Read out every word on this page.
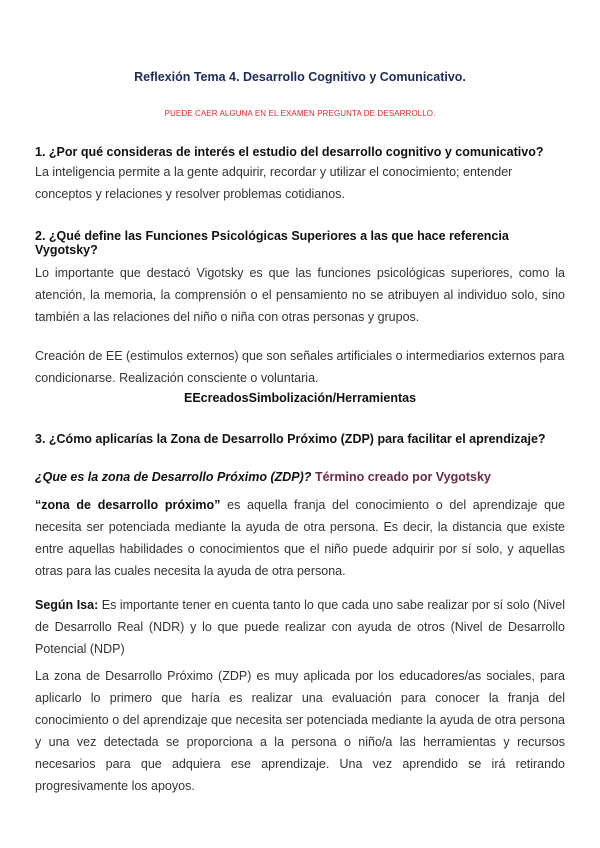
Reflexión Tema 4. Desarrollo Cognitivo y Comunicativo.
PUEDE CAER ALGUNA EN EL EXAMEN PREGUNTA DE DESARROLLO.
1. ¿Por qué consideras de interés el estudio del desarrollo cognitivo y comunicativo?
La inteligencia permite a la gente adquirir, recordar y utilizar el conocimiento; entender conceptos y relaciones y resolver problemas cotidianos.
2. ¿Qué define las Funciones Psicológicas Superiores a las que hace referencia Vygotsky?
Lo importante que destacó Vigotsky es que las funciones psicológicas superiores, como la atención, la memoria, la comprensión o el pensamiento no se atribuyen al individuo solo, sino también a las relaciones del niño o niña con otras personas y grupos.
Creación de EE (estimulos externos) que son señales artificiales o intermediarios externos para condicionarse. Realización consciente o voluntaria.
EEcreadosSimbolización/Herramientas
3. ¿Cómo aplicarías la Zona de Desarrollo Próximo (ZDP) para facilitar el aprendizaje?
¿Que es la zona de Desarrollo Próximo (ZDP)? Término creado por Vygotsky
“zona de desarrollo próximo” es aquella franja del conocimiento o del aprendizaje que necesita ser potenciada mediante la ayuda de otra persona. Es decir, la distancia que existe entre aquellas habilidades o conocimientos que el niño puede adquirir por sí solo, y aquellas otras para las cuales necesita la ayuda de otra persona.
Según Isa: Es importante tener en cuenta tanto lo que cada uno sabe realizar por sí solo (Nivel de Desarrollo Real (NDR) y lo que puede realizar con ayuda de otros (Nivel de Desarrollo Potencial (NDP)
La zona de Desarrollo Próximo (ZDP) es muy aplicada por los educadores/as sociales, para aplicarlo lo primero que haría es realizar una evaluación para conocer la franja del conocimiento o del aprendizaje que necesita ser potenciada mediante la ayuda de otra persona y una vez detectada se proporciona a la persona o niño/a las herramientas y recursos necesarios para que adquiera ese aprendizaje. Una vez aprendido se irá retirando progresivamente los apoyos.
